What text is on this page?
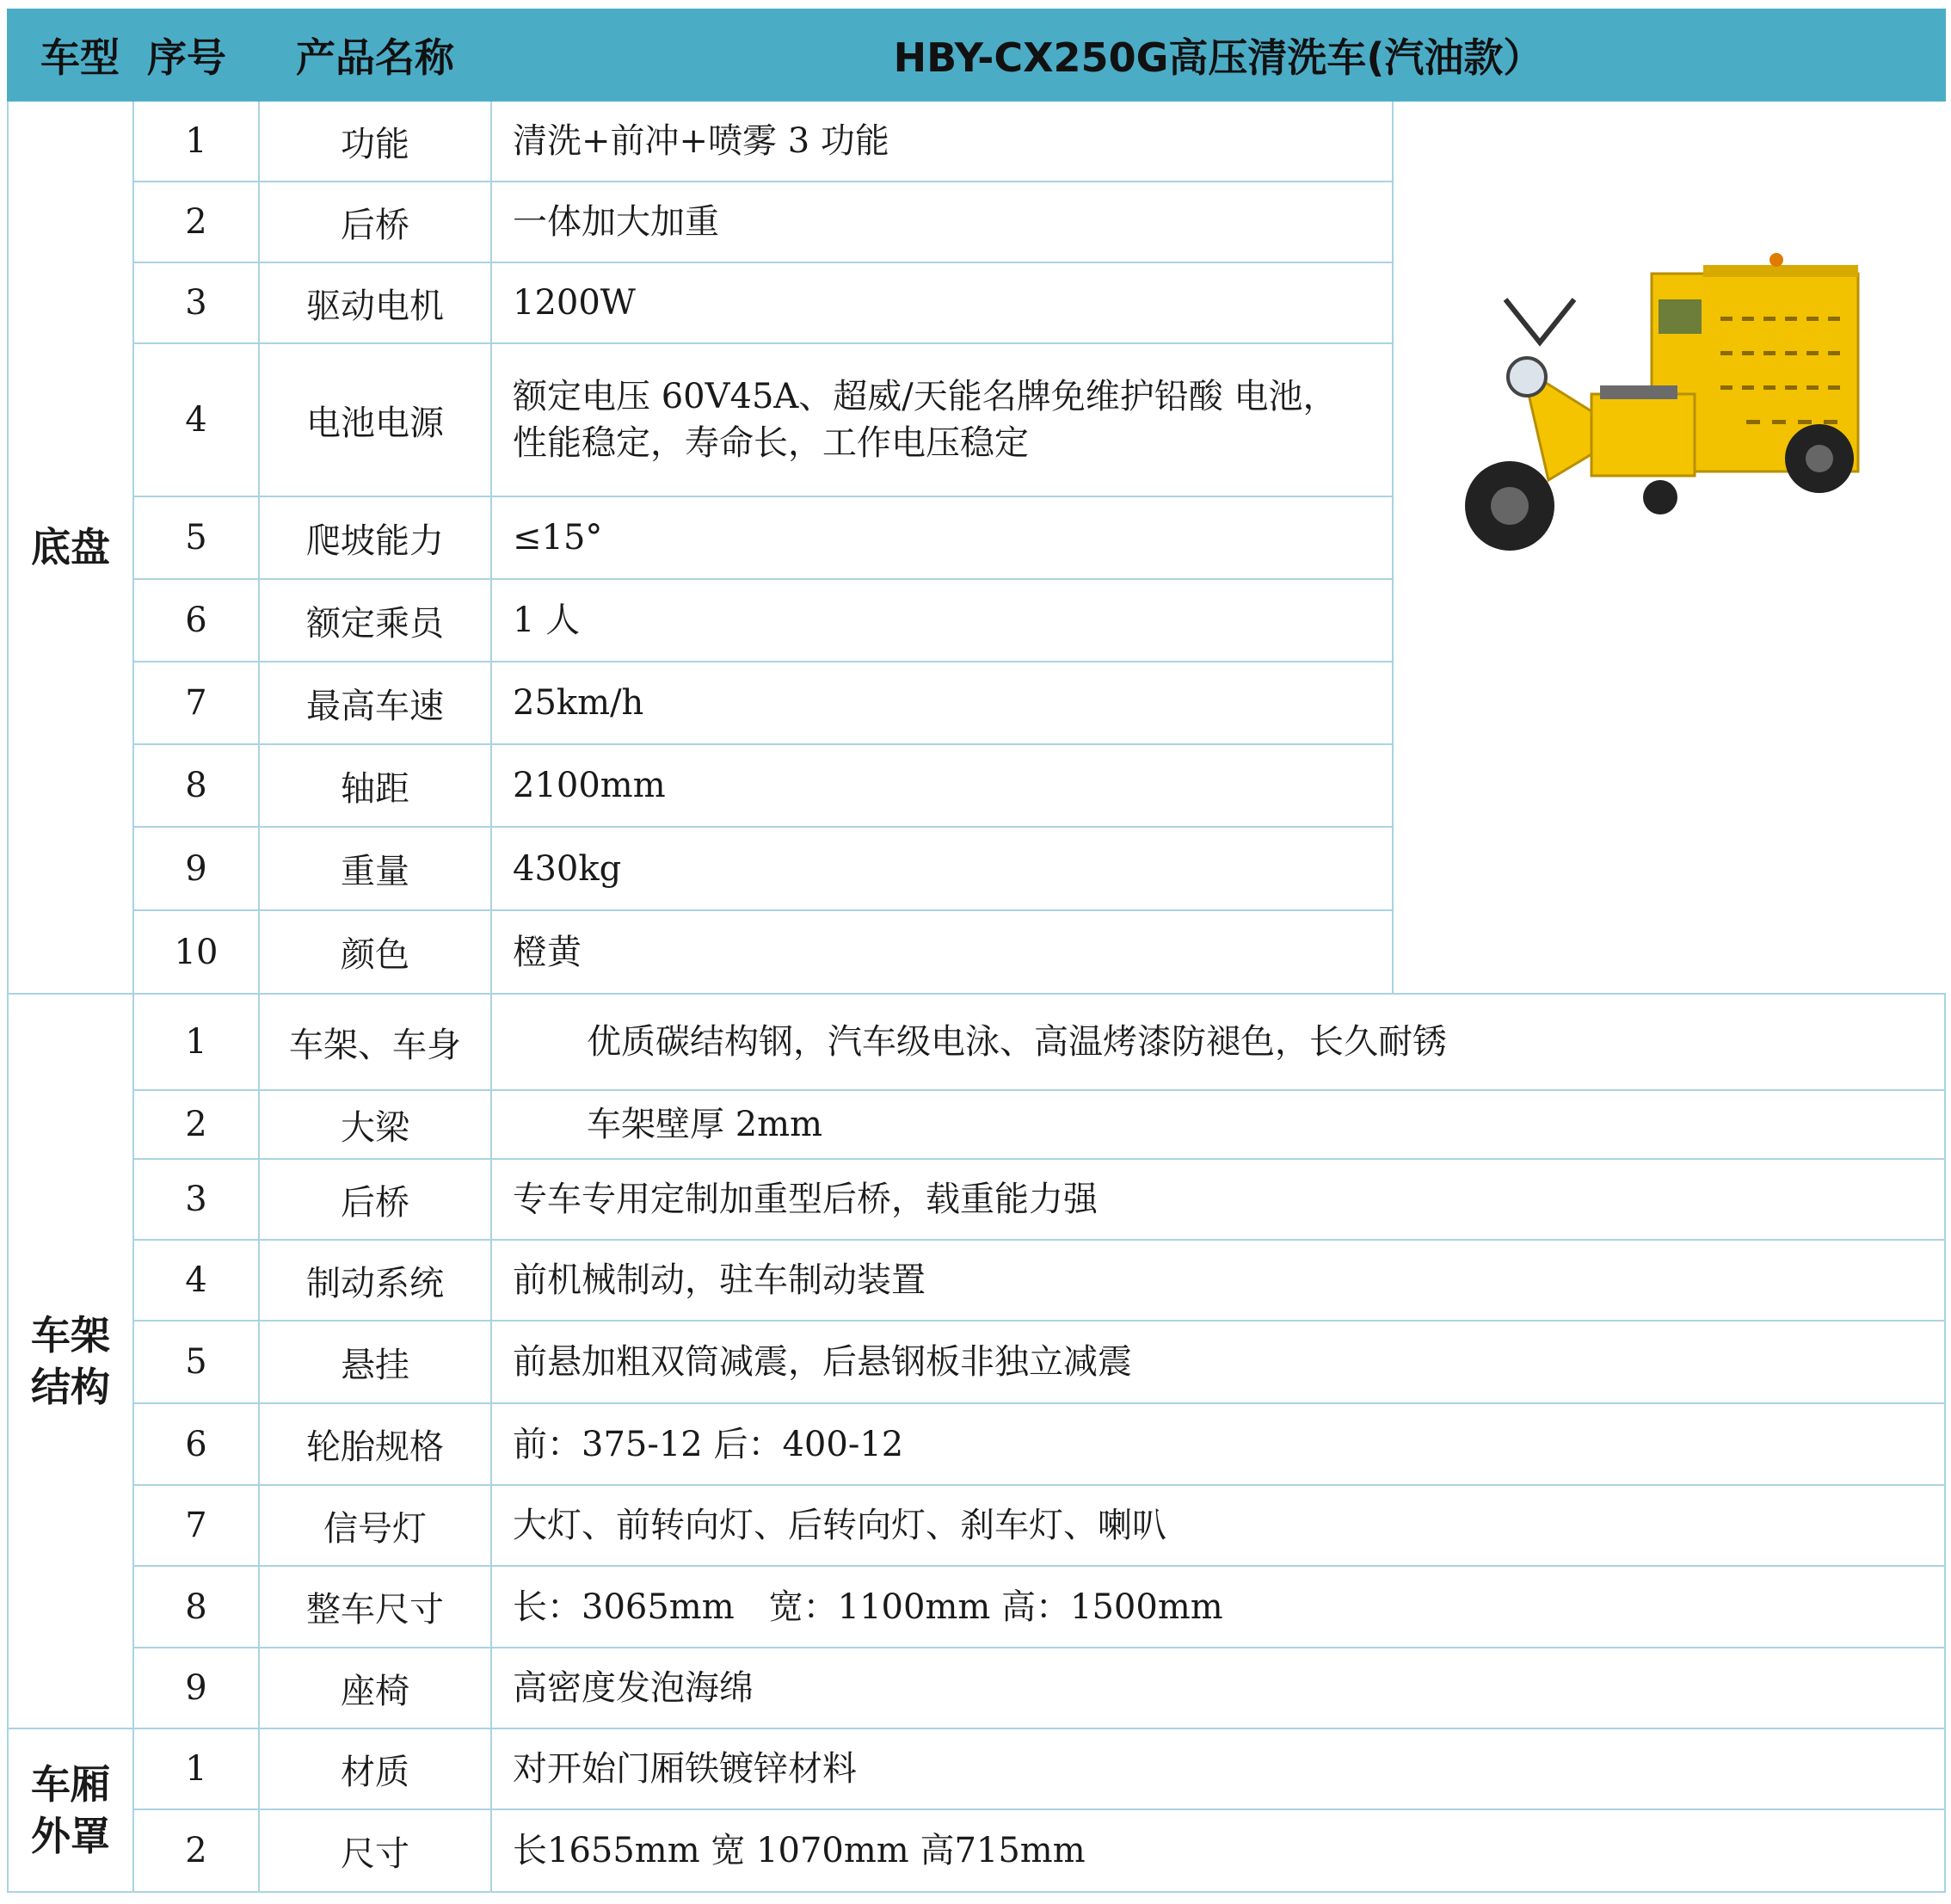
车型 序号		产品名称	HBY-CX250G高压清洗车(汽油款）	
底盘	1	功能	清洗+前冲+喷雾 3 功能	

	2	后桥	一体加大加重	
	3	驱动电机	1200W	
	4	电池电源	额定电压 60V45A、超威/天能名牌免维护铅酸 电池，
性能稳定，寿命长，工作电压稳定	

	5	爬坡能力	≤15°	
	6	额定乘员	1 人	
	7	最高车速	25km/h	
	8	轴距	2100mm	
	9	重量	430kg	
	10	颜色	橙黄	

车架
结构	1	车架、车身	优质碳结构钢，汽车级电泳、高温烤漆防褪色，长久耐锈	
	2	大梁	车架壁厚 2mm	
	3	后桥	专车专用定制加重型后桥，载重能力强	
	4	制动系统	前机械制动，驻车制动装置	
	5	悬挂	前悬加粗双筒减震，后悬钢板非独立减震	
	6	轮胎规格	前：375-12 后：400-12	
	7	信号灯	大灯、前转向灯、后转向灯、刹车灯、喇叭	
	8	整车尺寸	长：3065mm　宽：1100mm 高：1500mm	
	9	座椅	高密度发泡海绵	

车厢
外罩	1	材质	对开始门厢铁镀锌材料	
	2	尺寸	长1655mm 宽 1070mm 高715mm	
